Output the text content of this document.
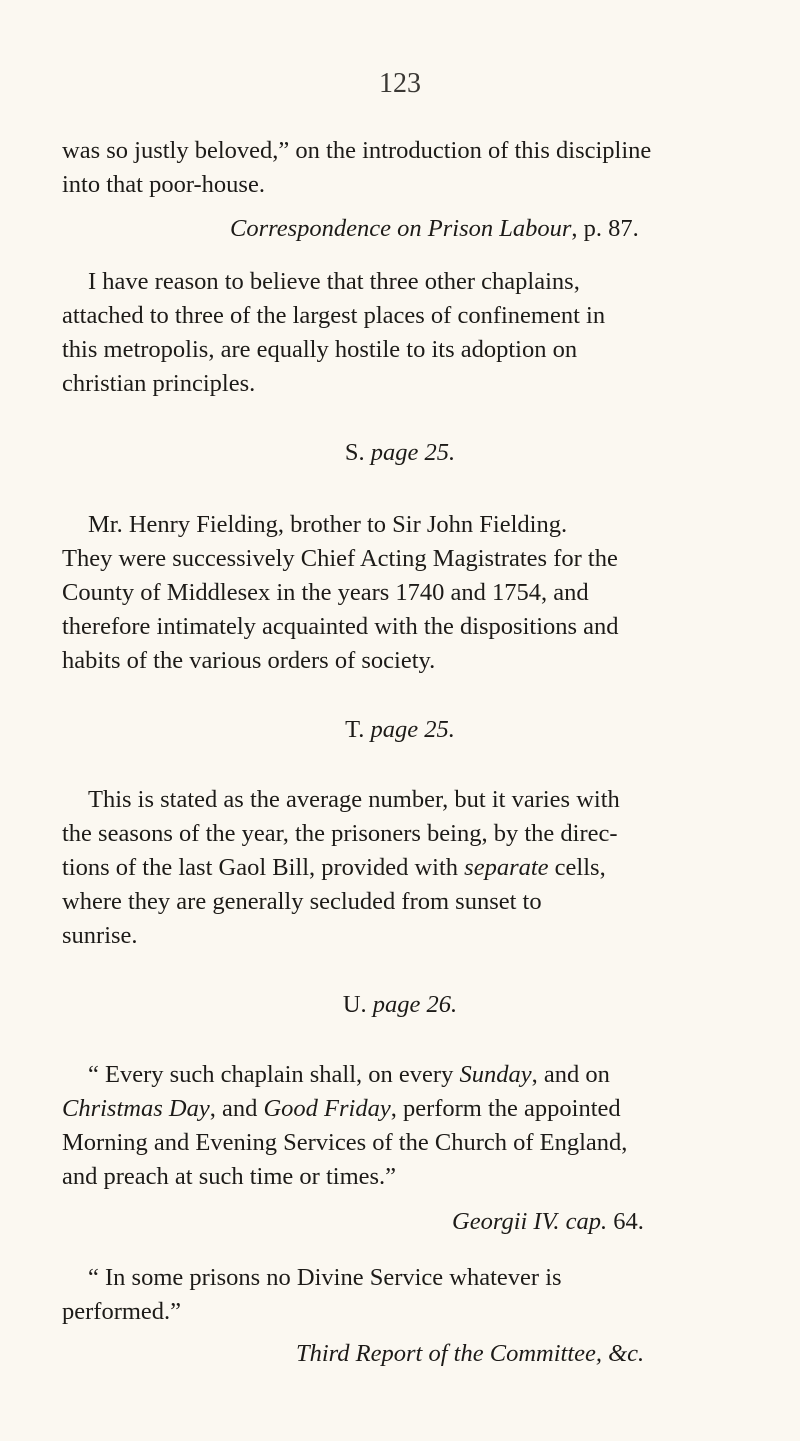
123
was so justly beloved,” on the introduction of this discipline
into that poor-house.
Correspondence on Prison Labour, p. 87.
I have reason to believe that three other chaplains,
attached to three of the largest places of confinement in
this metropolis, are equally hostile to its adoption on
christian principles.
S. page 25.
Mr. Henry Fielding, brother to Sir John Fielding.
They were successively Chief Acting Magistrates for the
County of Middlesex in the years 1740 and 1754, and
therefore intimately acquainted with the dispositions and
habits of the various orders of society.
T. page 25.
This is stated as the average number, but it varies with
the seasons of the year, the prisoners being, by the direc-
tions of the last Gaol Bill, provided with separate cells,
where they are generally secluded from sunset to
sunrise.
U. page 26.
“ Every such chaplain shall, on every Sunday, and on
Christmas Day, and Good Friday, perform the appointed
Morning and Evening Services of the Church of England,
and preach at such time or times.”
Georgii IV. cap. 64.
“ In some prisons no Divine Service whatever is
performed.”
Third Report of the Committee, &c.
